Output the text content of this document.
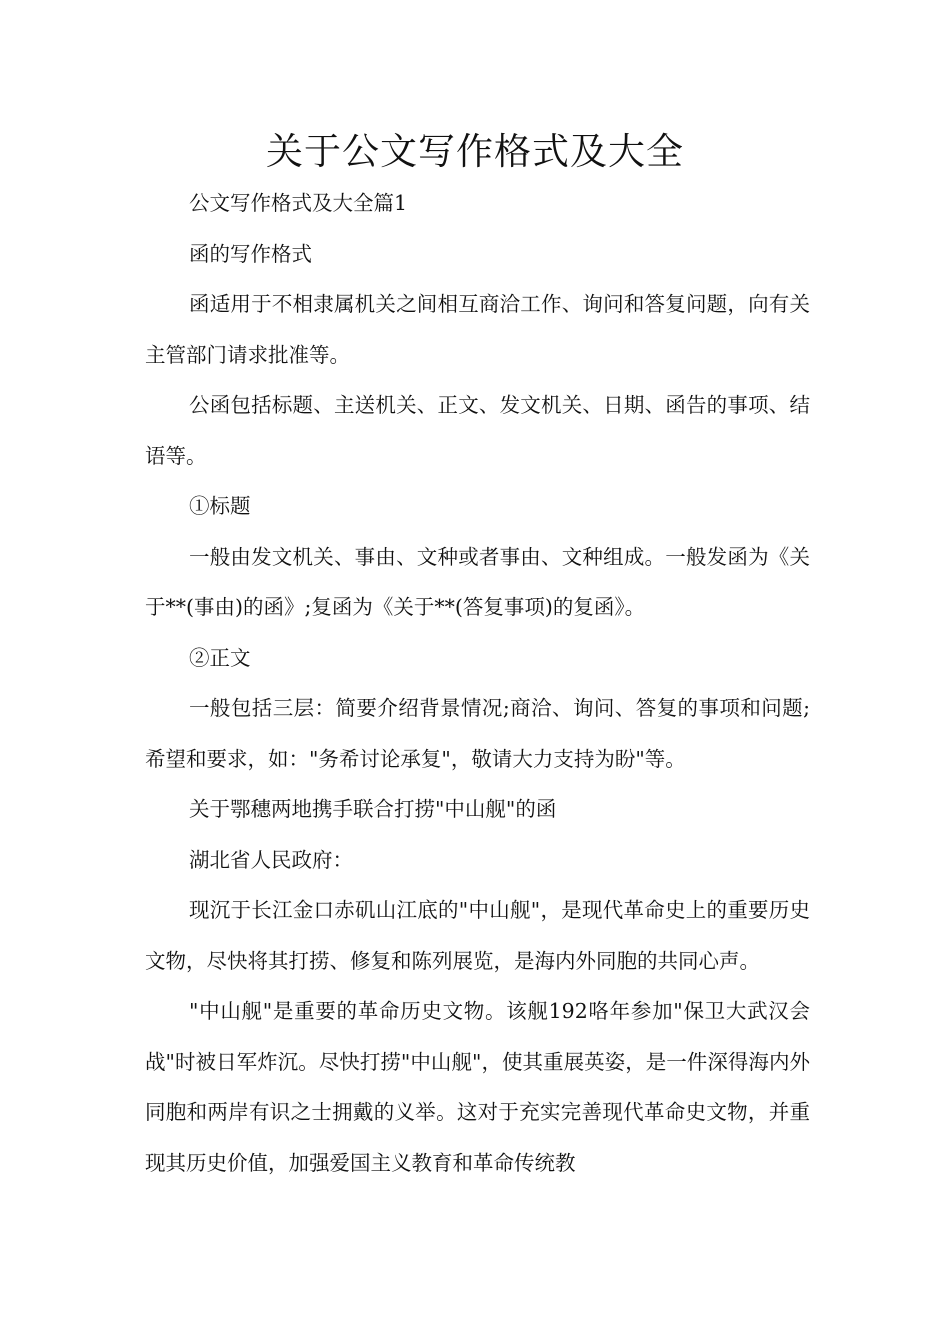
关于公文写作格式及大全

公文写作格式及大全篇1

函的写作格式

函适用于不相隶属机关之间相互商洽工作、询问和答复问题，向有关主管部门请求批准等。

公函包括标题、主送机关、正文、发文机关、日期、函告的事项、结语等。

①标题

一般由发文机关、事由、文种或者事由、文种组成。一般发函为《关于**(事由)的函》;复函为《关于**(答复事项)的复函》。

②正文

一般包括三层：简要介绍背景情况;商洽、询问、答复的事项和问题;希望和要求，如："务希讨论承复"，敬请大力支持为盼"等。

关于鄂穗两地携手联合打捞"中山舰"的函

湖北省人民政府：

现沉于长江金口赤矶山江底的"中山舰"，是现代革命史上的重要历史文物，尽快将其打捞、修复和陈列展览，是海内外同胞的共同心声。

"中山舰"是重要的革命历史文物。该舰192咯年参加"保卫大武汉会战"时被日军炸沉。尽快打捞"中山舰"，使其重展英姿，是一件深得海内外同胞和两岸有识之士拥戴的义举。这对于充实完善现代革命史文物，并重现其历史价值，加强爱国主义教育和革命传统教
